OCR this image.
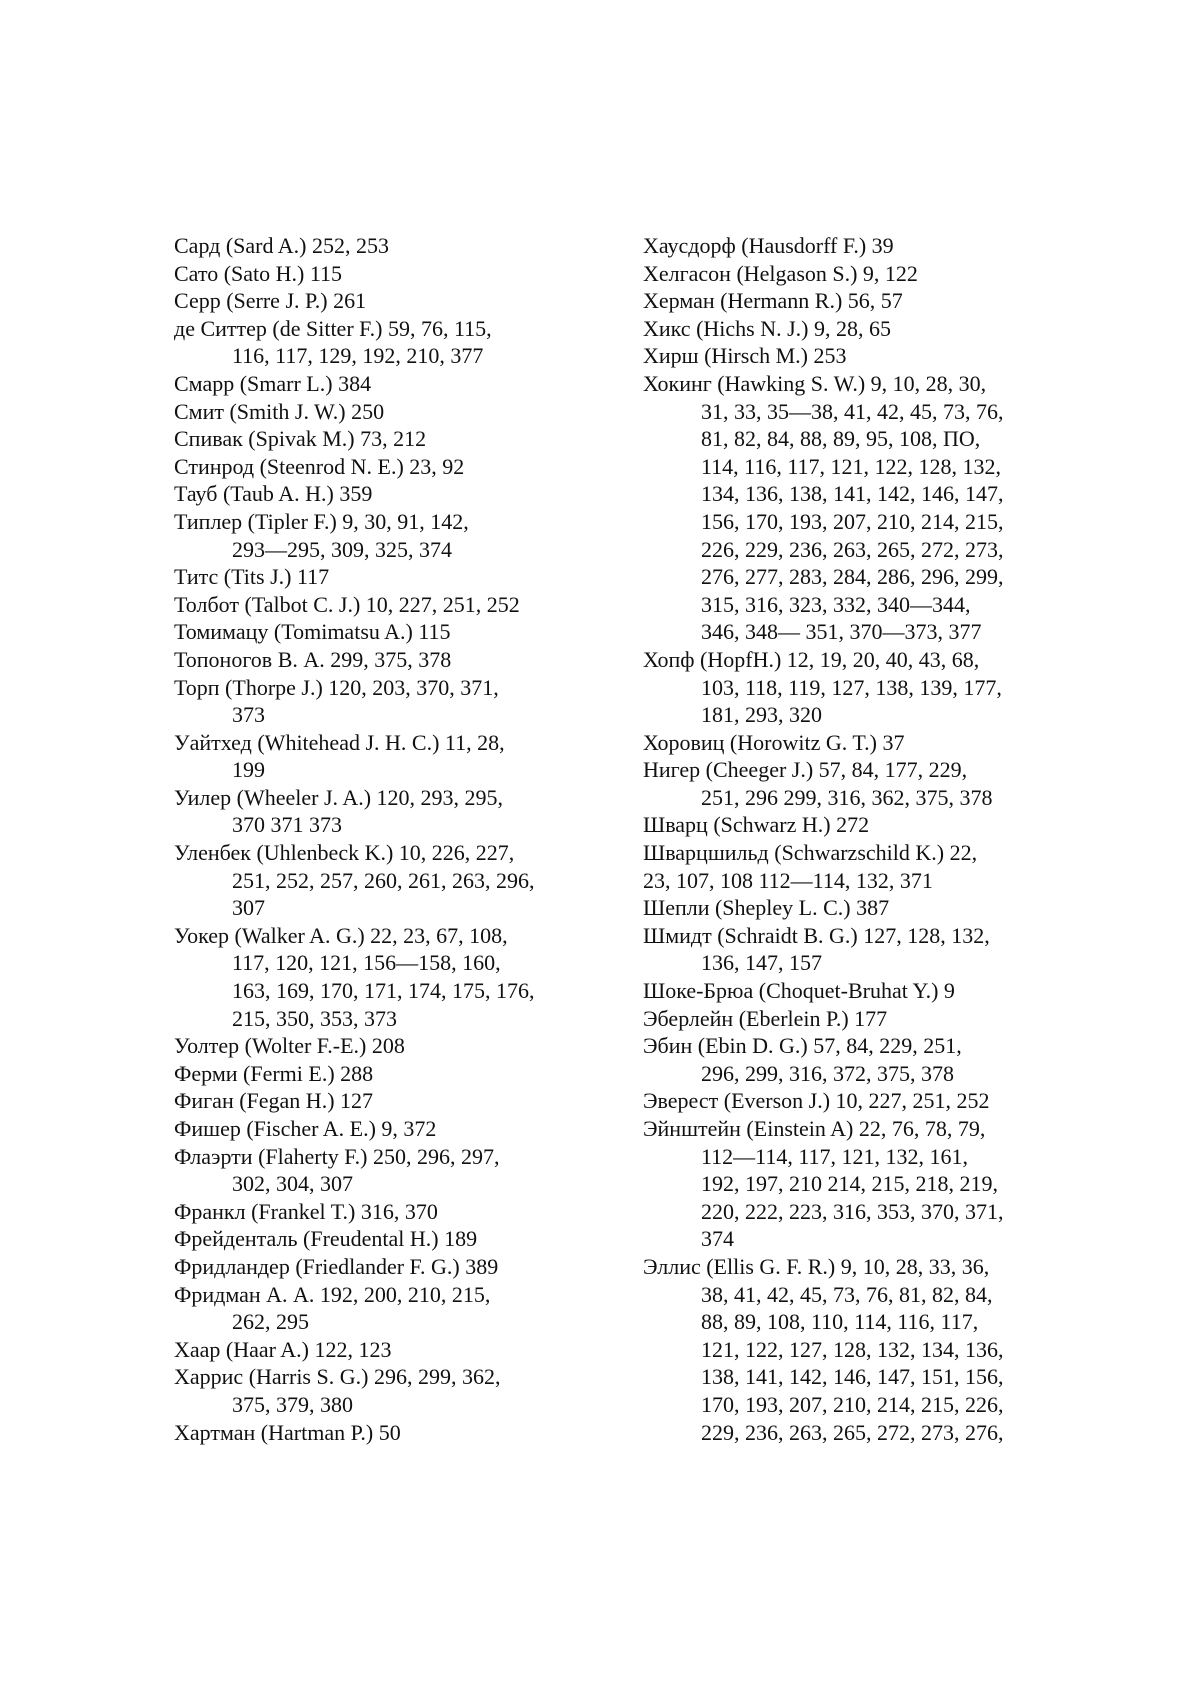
Сард (Sard A.) 252, 253
Сато (Sato H.) 115
Серр (Serre J. P.) 261
де Ситтер (de Sitter F.) 59, 76, 115,
116, 117, 129, 192, 210, 377
Смарр (Smarr L.) 384
Смит (Smith J. W.) 250
Спивак (Spivak M.) 73, 212
Стинрод (Steenrod N. E.) 23, 92
Тауб (Taub A. H.) 359
Типлер (Tipler F.) 9, 30, 91, 142,
293—295, 309, 325, 374
Титс (Tits J.) 117
Толбот (Talbot C. J.) 10, 227, 251, 252
Томимацу (Tomimatsu A.) 115
Топоногов В. А. 299, 375, 378
Торп (Thorpe J.) 120, 203, 370, 371,
373
Уайтхед (Whitehead J. H. C.) 11, 28,
199
Уилер (Wheeler J. A.) 120, 293, 295,
370 371 373
Уленбек (Uhlenbeck K.) 10, 226, 227,
251, 252, 257, 260, 261, 263, 296,
307
Уокер (Walker A. G.) 22, 23, 67, 108,
117, 120, 121, 156—158, 160,
163, 169, 170, 171, 174, 175, 176,
215, 350, 353, 373
Уолтер (Wolter F.-E.) 208
Ферми (Fermi E.) 288
Фиган (Fegan H.) 127
Фишер (Fischer A. E.) 9, 372
Флаэрти (Flaherty F.) 250, 296, 297,
302, 304, 307
Франкл (Frankel T.) 316, 370
Фрейденталь (Freudental H.) 189
Фридландер (Friedlander F. G.) 389
Фридман А. А. 192, 200, 210, 215,
262, 295
Хаар (Haar A.) 122, 123
Харрис (Harris S. G.) 296, 299, 362,
375, 379, 380
Хартман (Hartman P.) 50
Хаусдорф (Hausdorff F.) 39
Хелгасон (Helgason S.) 9, 122
Херман (Hermann R.) 56, 57
Хикс (Hichs N. J.) 9, 28, 65
Хирш (Hirsch M.) 253
Хокинг (Hawking S. W.) 9, 10, 28, 30,
31, 33, 35—38, 41, 42, 45, 73, 76,
81, 82, 84, 88, 89, 95, 108, ПО,
114, 116, 117, 121, 122, 128, 132,
134, 136, 138, 141, 142, 146, 147,
156, 170, 193, 207, 210, 214, 215,
226, 229, 236, 263, 265, 272, 273,
276, 277, 283, 284, 286, 296, 299,
315, 316, 323, 332, 340—344,
346, 348— 351, 370—373, 377
Хопф (HopfH.) 12, 19, 20, 40, 43, 68,
103, 118, 119, 127, 138, 139, 177,
181, 293, 320
Хоровиц (Horowitz G. T.) 37
Нигер (Cheeger J.) 57, 84, 177, 229,
251, 296 299, 316, 362, 375, 378
Шварц (Schwarz H.) 272
Шварцшильд (Schwarzschild K.) 22,
23, 107, 108 112—114, 132, 371
Шепли (Shepley L. C.) 387
Шмидт (Schraidt B. G.) 127, 128, 132,
136, 147, 157
Шоке-Брюа (Choquet-Bruhat Y.) 9
Эберлейн (Eberlein P.) 177
Эбин (Ebin D. G.) 57, 84, 229, 251,
296, 299, 316, 372, 375, 378
Эверест (Everson J.) 10, 227, 251, 252
Эйнштейн (Einstein A) 22, 76, 78, 79,
112—114, 117, 121, 132, 161,
192, 197, 210 214, 215, 218, 219,
220, 222, 223, 316, 353, 370, 371,
374
Эллис (Ellis G. F. R.) 9, 10, 28, 33, 36,
38, 41, 42, 45, 73, 76, 81, 82, 84,
88, 89, 108, 110, 114, 116, 117,
121, 122, 127, 128, 132, 134, 136,
138, 141, 142, 146, 147, 151, 156,
170, 193, 207, 210, 214, 215, 226,
229, 236, 263, 265, 272, 273, 276,
